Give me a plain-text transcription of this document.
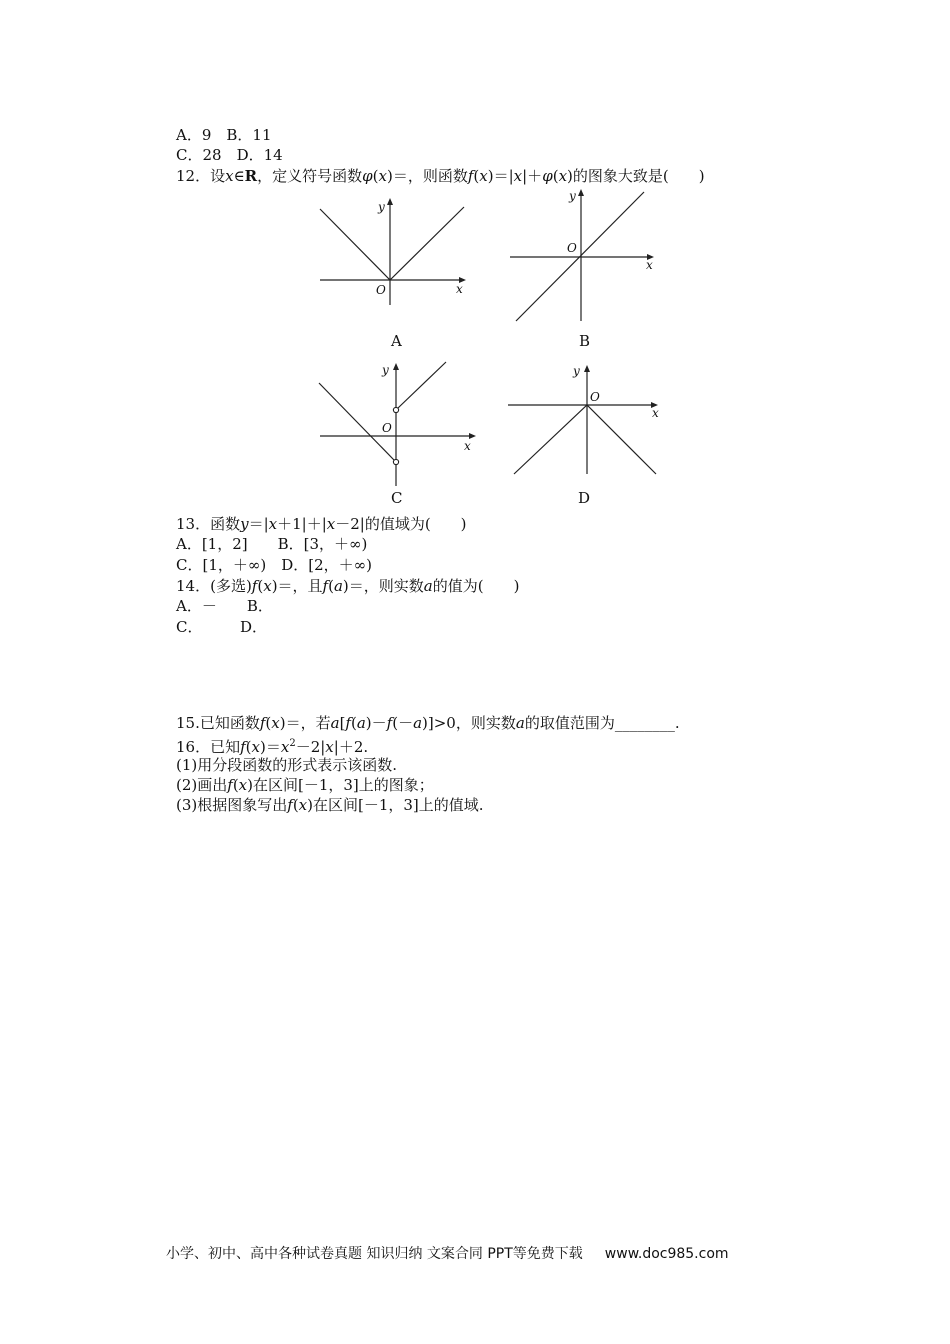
A．9　B．11
C．28　D．14
12．设x∈R，定义符号函数φ(x)＝，则函数f(x)＝|x|＋φ(x)的图象大致是(　　)
y
x
O
A
y
x
O
B
y
x
O
C
y
x
O
D
13．函数y＝|x＋1|＋|x－2|的值域为(　　)
A．[1，2]　　B．[3，＋∞)
C．[1，＋∞)　D．[2，＋∞)
14．(多选)f(x)＝，且f(a)＝，则实数a的值为(　　)
A．－　　B．
C．　　　D．
15.已知函数f(x)＝，若a[f(a)－f(－a)]>0，则实数a的取值范围为________.
16．已知$f(x)=x^2-2|x|+2$.
(1)用分段函数的形式表示该函数.
(2)画出f(x)在区间[－1，3]上的图象；
(3)根据图象写出f(x)在区间[－1，3]上的值域.
小学、初中、高中各种试卷真题 知识归纳 文案合同 PPT等免费下载 www.doc985.com
